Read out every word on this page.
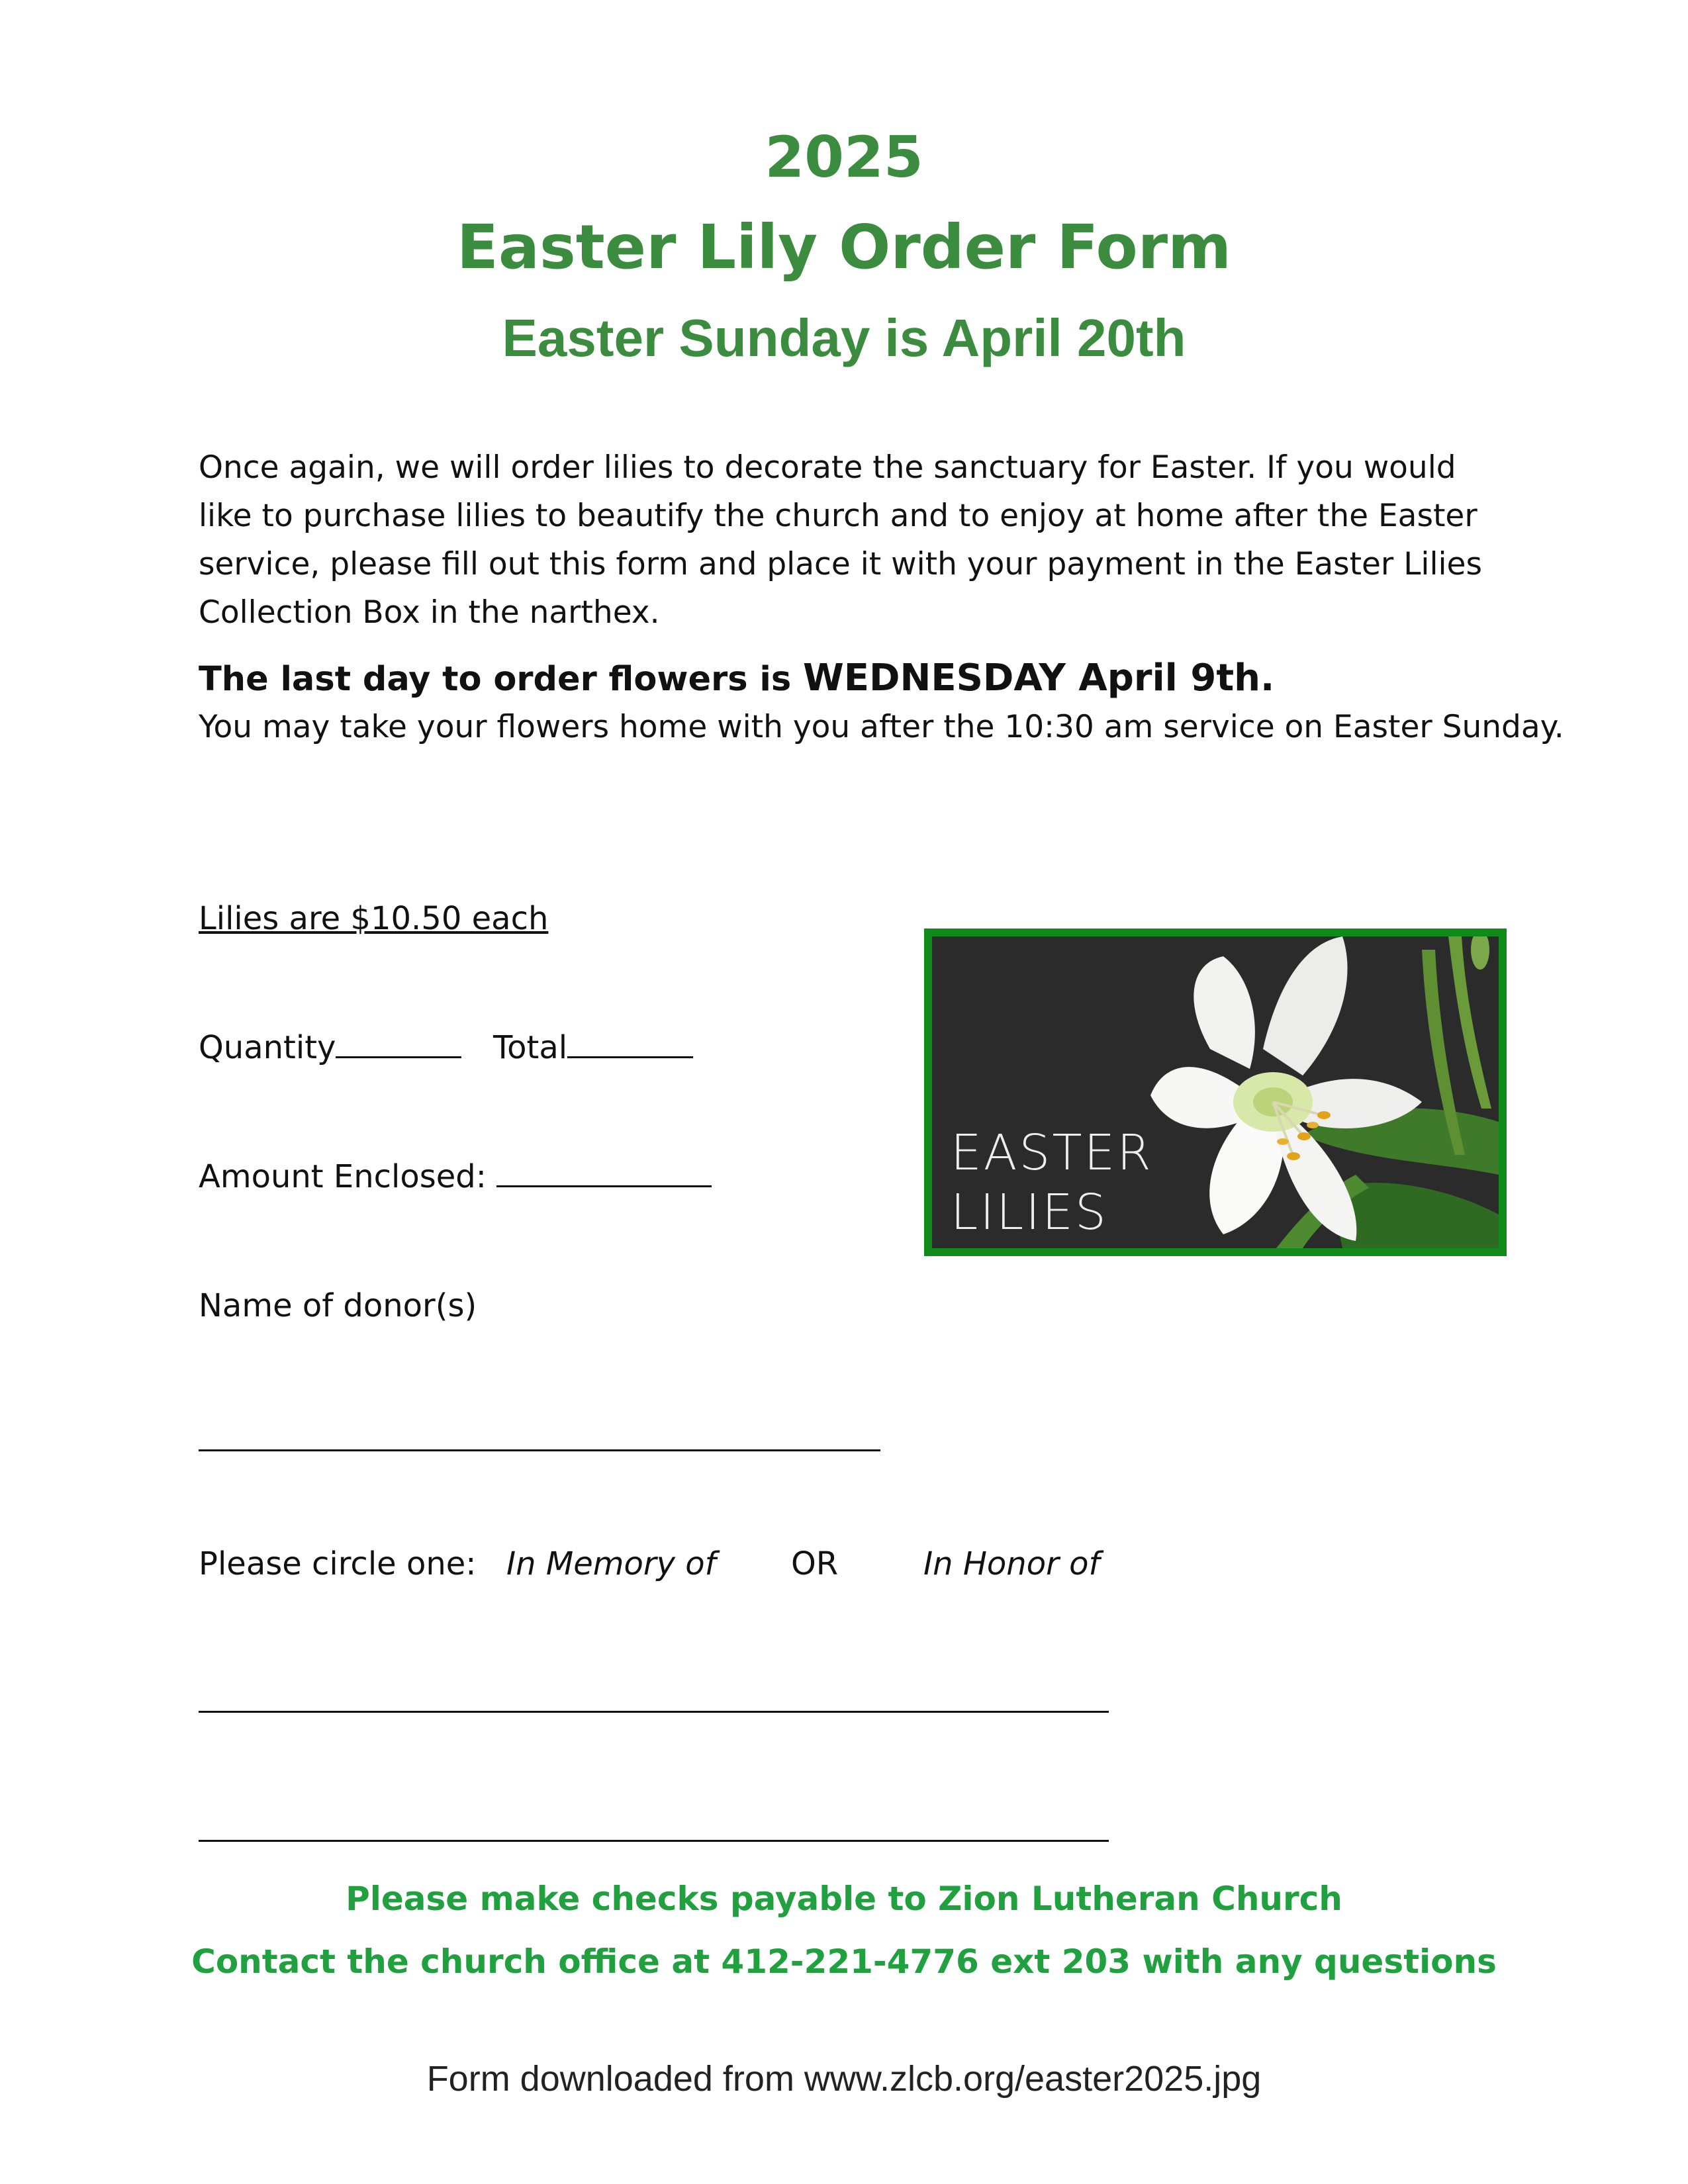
2025
Easter Lily Order Form
Easter Sunday is April 20th
Once again, we will order lilies to decorate the sanctuary for Easter. If you would like to purchase lilies to beautify the church and to enjoy at home after the Easter service, please fill out this form and place it with your payment in the Easter Lilies Collection Box in the narthex.
The last day to order flowers is WEDNESDAY April 9th.
You may take your flowers home with you after the 10:30 am service on Easter Sunday.
Lilies are $10.50 each
Quantity	Total
Amount Enclosed:
Name of donor(s)
Please circle one: In Memory of OR	In Honor of
EASTER
LILIES
Please make checks payable to Zion Lutheran Church
Contact the church office at 412-221-4776 ext 203 with any questions
Form downloaded from www.zlcb.org/easter2025.jpg
